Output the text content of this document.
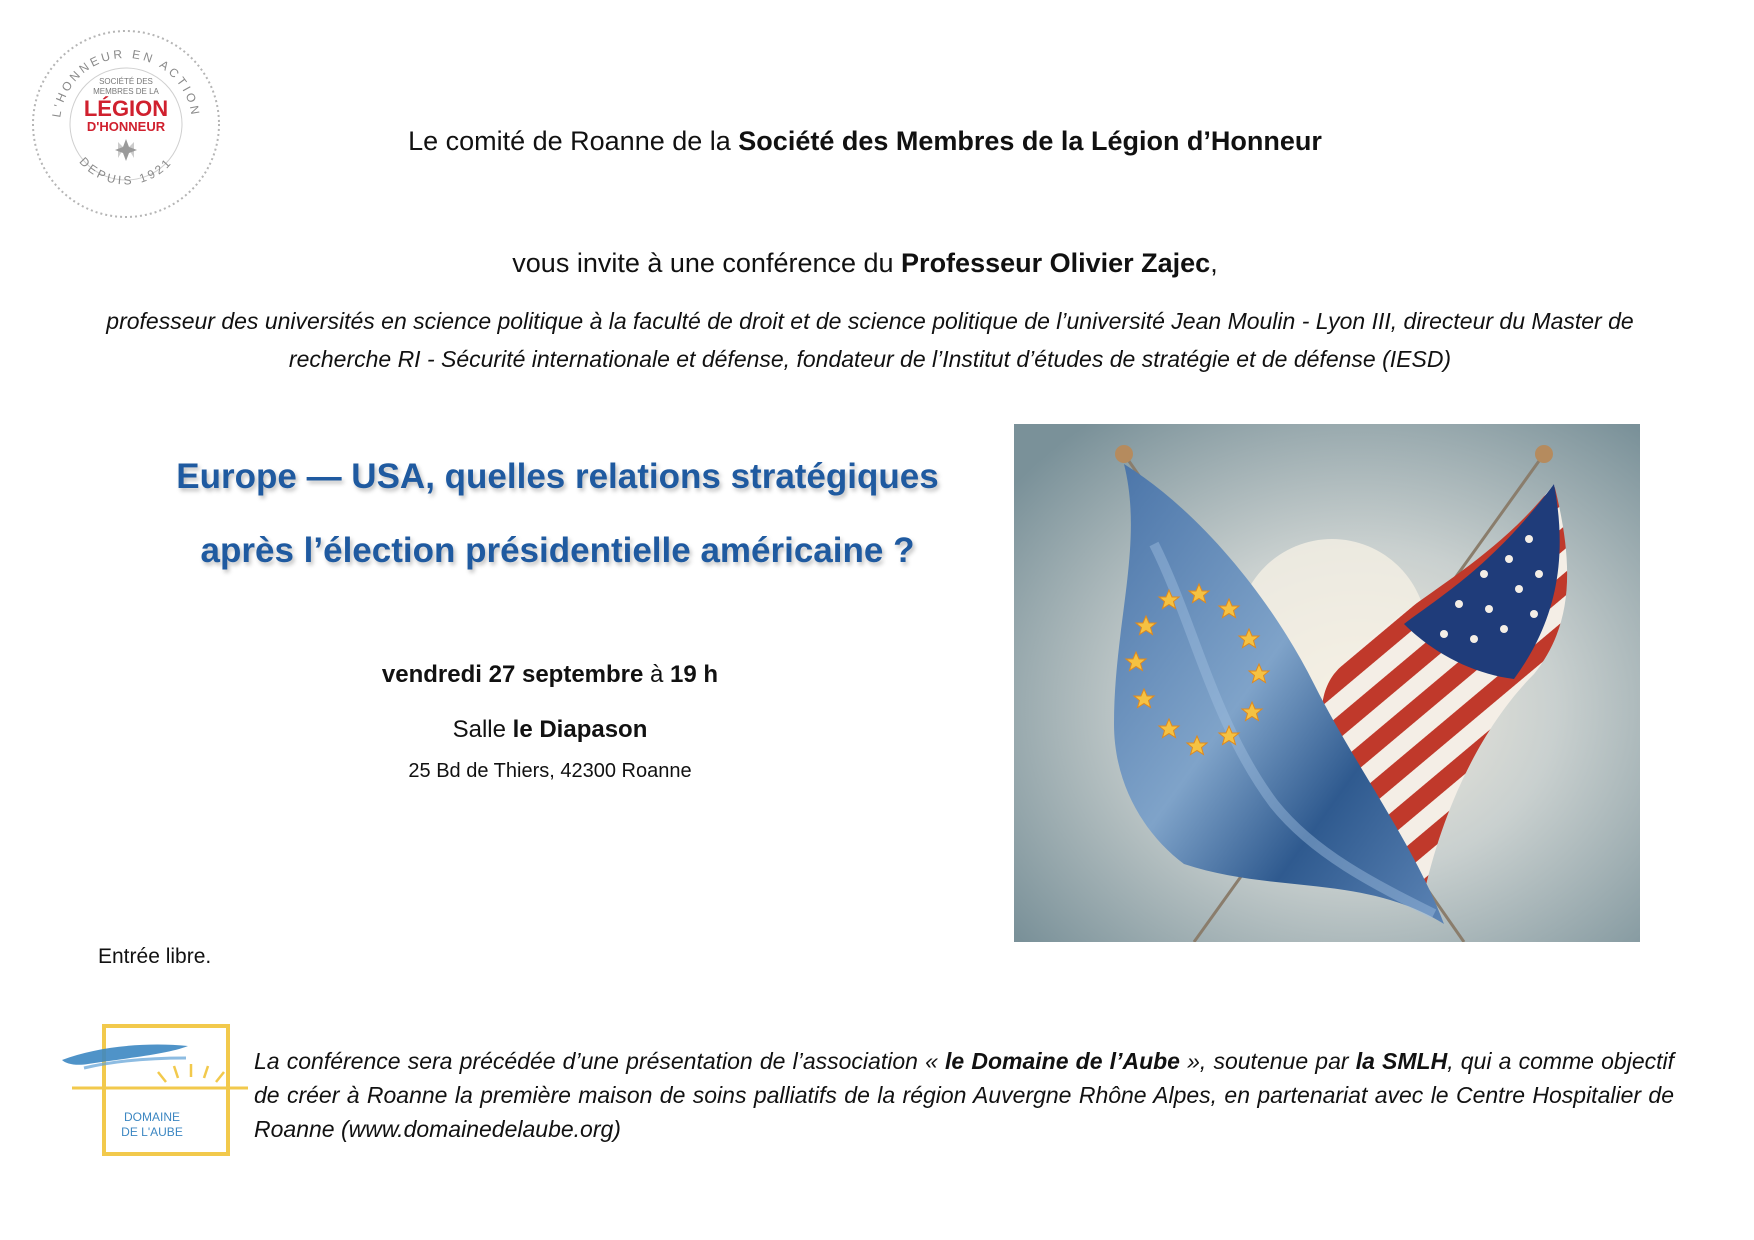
L'HONNEUR EN ACTION
DEPUIS 1921
SOCIÉTÉ DES
MEMBRES DE LA
LÉGION
D'HONNEUR	Le comité de Roanne de la Société des Membres de la Légion d’Honneur
vous invite à une conférence du Professeur Olivier Zajec,
professeur des universités en science politique à la faculté de droit et de science politique de l’université Jean Moulin - Lyon III, directeur du Master de recherche RI - Sécurité internationale et défense, fondateur de l’Institut d’études de stratégie et de défense (IESD)
Europe — USA, quelles relations stratégiques
après l’élection présidentielle américaine ?
vendredi 27 septembre à 19 h
Salle le Diapason
25 Bd de Thiers, 42300 Roanne
Entrée libre.
DOMAINE
DE L'AUBE
La conférence sera précédée d’une présentation de l’association « le Domaine de l’Aube », soutenue par la SMLH, qui a comme objectif de créer à Roanne la première maison de soins palliatifs de la région Auvergne Rhône Alpes, en partenariat avec le Centre Hospitalier de Roanne (www.domainedelaube.org)
